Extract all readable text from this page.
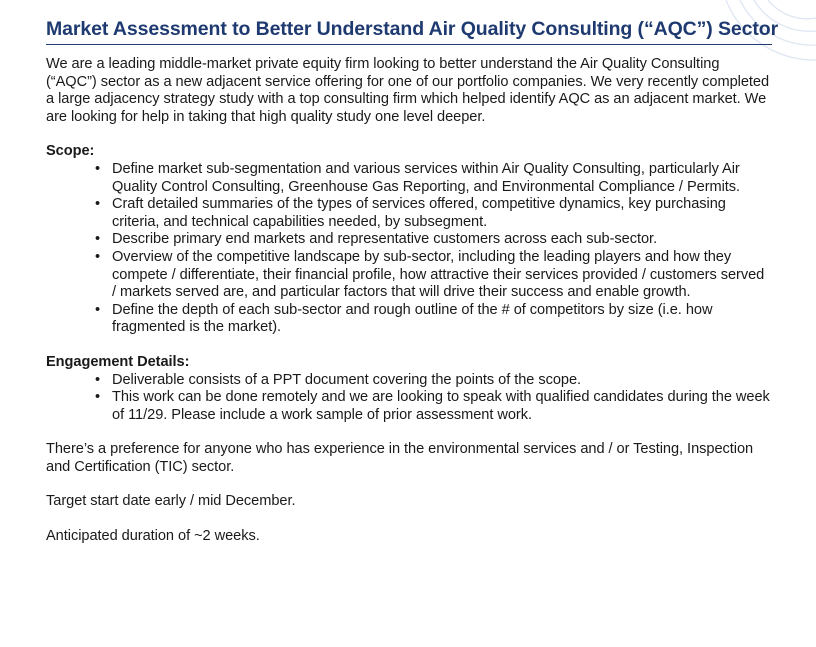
Market Assessment to Better Understand Air Quality Consulting (“AQC”) Sector

We are a leading middle-market private equity firm looking to better understand the Air Quality Consulting (“AQC”) sector as a new adjacent service offering for one of our portfolio companies. We very recently completed a large adjacency strategy study with a top consulting firm which helped identify AQC as an adjacent market. We are looking for help in taking that high quality study one level deeper.

Scope:

• Define market sub-segmentation and various services within Air Quality Consulting, particularly Air Quality Control Consulting, Greenhouse Gas Reporting, and Environmental Compliance / Permits.
• Craft detailed summaries of the types of services offered, competitive dynamics, key purchasing criteria, and technical capabilities needed, by subsegment.
• Describe primary end markets and representative customers across each sub-sector.
• Overview of the competitive landscape by sub-sector, including the leading players and how they compete / differentiate, their financial profile, how attractive their services provided / customers served / markets served are, and particular factors that will drive their success and enable growth.
• Define the depth of each sub-sector and rough outline of the # of competitors by size (i.e. how fragmented is the market).

Engagement Details:

• Deliverable consists of a PPT document covering the points of the scope.
• This work can be done remotely and we are looking to speak with qualified candidates during the week of 11/29. Please include a work sample of prior assessment work.

There’s a preference for anyone who has experience in the environmental services and / or Testing, Inspection and Certification (TIC) sector.

Target start date early / mid December.

Anticipated duration of ~2 weeks.
